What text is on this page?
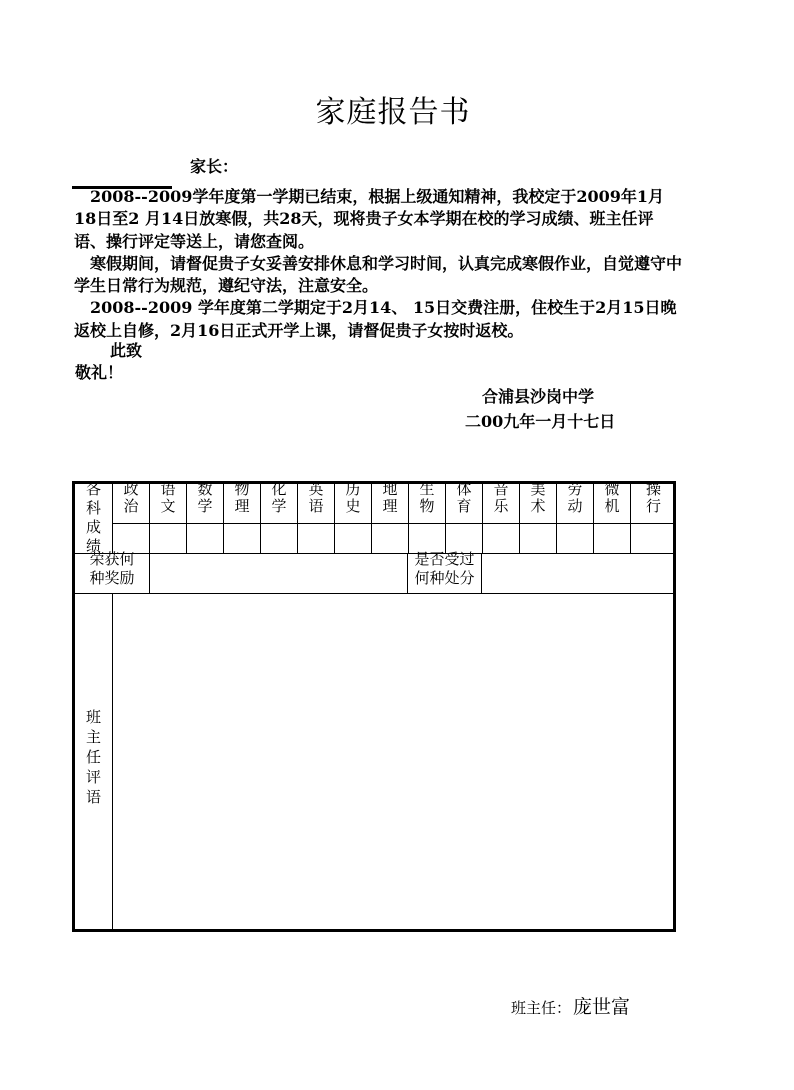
家庭报告书
家长：

2008--2009学年度第一学期已结束，根据上级通知精神，我校定于2009年1月 18日至2 月14日放寒假，共28天，现将贵子女本学期在校的学习成绩、班主任评语、操行评定等送上，请您查阅。

寒假期间，请督促贵子女妥善安排休息和学习时间，认真完成寒假作业，自觉遵守中学生日常行为规范，遵纪守法，注意安全。

2008--2009 学年度第二学期定于2月14、 15日交费注册，住校生于2月15日晚返校上自修，2月16日正式开学上课，请督促贵子女按时返校。

此致
敬礼！
合浦县沙岗中学
二00九年一月十七日
各科成绩
政治
语文
数学
物理
化学
英语
历史
地理
生物
体育
音乐
美术
劳动
微机
操行
荣获何种奖励
是否受过何种处分
班主任评语
班主任： 庞世富
